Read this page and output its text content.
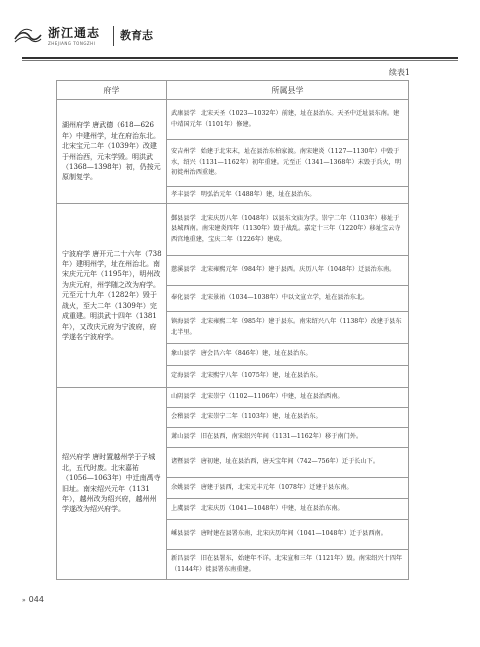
浙江通志
ZHEJIANG TONGZHI
教育志
续表1
府学	所属县学
湖州府学 唐武德（618—626年）中建州学，址在府治东北。北宋宝元二年（1039年）改建于州治西，元末学毁。明洪武（1368—1398年）初，仍按元原制复学。	武康县学 北宋天圣（1023—1032年）前建，址在县治东。天圣中迁址县东南。建中靖国元年（1101年）修建。
	安吉州学 始建于北宋末，址在县治东柏家渡。南宋建炎（1127—1130年）中毁于水，绍兴（1131—1162年）初年重建。元至正（1341—1368年）末毁于兵火，明初徙州治西重建。
	孝丰县学 明弘治元年（1488年）建，址在县治东。
宁波府学 唐开元二十六年（738年）建明州学，址在州治北。南宋庆元元年（1195年），明州改为庆元府，州学随之改为府学。元至元十九年（1282年）毁于战火，至大二年（1309年）完成重建。明洪武十四年（1381年），又改庆元府为宁波府，府学遂名宁波府学。	鄞县县学 北宋庆历八年（1048年）以县东文庙为学。崇宁二年（1103年）移址于县城西南。南宋建炎四年（1130年）毁于战乱。嘉定十三年（1220年）移址宝云寺西宫地重建，宝庆二年（1226年）建成。
	慈溪县学 北宋雍熙元年（984年）建于县西。庆历八年（1048年）迁县治东南。
	奉化县学 北宋景祐（1034—1038年）中以文宣立学，址在县治东北。
	镇海县学 北宋雍熙二年（985年）建于县东。南宋绍兴八年（1138年）改建于县东北半里。
	象山县学 唐会昌六年（846年）建，址在县治东。
	定海县学 北宋熙宁八年（1075年）建，址在县治东。
绍兴府学 唐时置越州学于子城北，五代时废。北宋嘉祐（1056—1063年）中迁南禹寺旧址。南宋绍兴元年（1131年），越州改为绍兴府，越州州学遂改为绍兴府学。	山阴县学 北宋崇宁（1102—1106年）中建，址在县治西南。
	会稽县学 北宋崇宁二年（1103年）建，址在县治东。
	萧山县学 旧在县西，南宋绍兴年间（1131—1162年）移于南门外。
	诸暨县学 唐初建，址在县治西，唐天宝年间（742—756年）迁于长山下。
	余姚县学 唐建于县西，北宋元丰元年（1078年）迁建于县东南。
	上虞县学 北宋庆历（1041—1048年）中建，址在县治东南。
	嵊县县学 唐时建在县署东南，北宋庆历年间（1041—1048年）迁于县西南。
	新昌县学 旧在县署东，始建年不详。北宋宣和三年（1121年）毁。南宋绍兴十四年（1144年）徙县署东南重建。
» 044
